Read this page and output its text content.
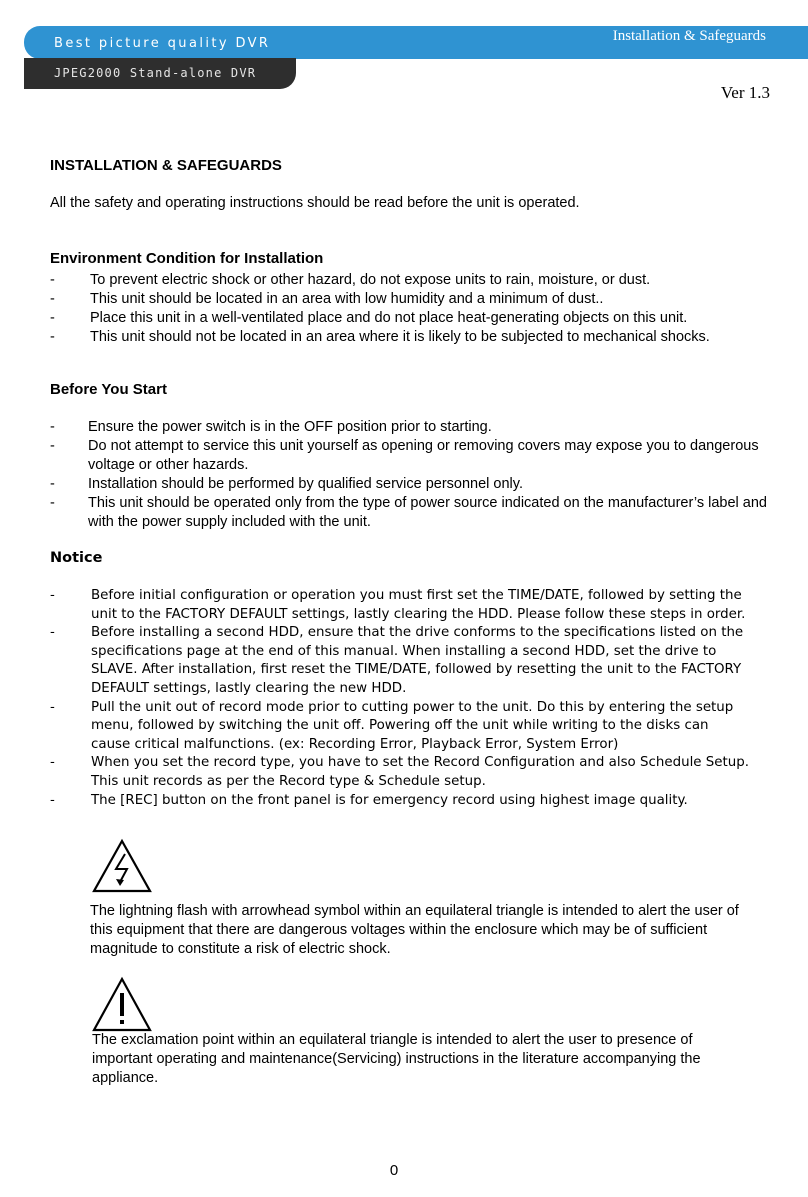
Best picture quality DVR
JPEG2000 Stand-alone DVR
Installation & Safeguards
Ver 1.3
INSTALLATION & SAFEGUARDS

All the safety and operating instructions should be read before the unit is operated.

Environment Condition for Installation
- To prevent electric shock or other hazard, do not expose units to rain, moisture, or dust.
- This unit should be located in an area with low humidity and a minimum of dust..
- Place this unit in a well-ventilated place and do not place heat-generating objects on this unit.
- This unit should not be located in an area where it is likely to be subjected to mechanical shocks.
Before You Start
- Ensure the power switch is in the OFF position prior to starting.
- Do not attempt to service this unit yourself as opening or removing covers may expose you to dangerous voltage or other hazards.
- Installation should be performed by qualified service personnel only.
- This unit should be operated only from the type of power source indicated on the manufacturer’s label and with the power supply included with the unit.
Notice
-	Before initial configuration or operation you must first set the TIME/DATE, followed by setting the unit to the FACTORY DEFAULT settings, lastly clearing the HDD. Please follow these steps in order.
-	Before installing a second HDD, ensure that the drive conforms to the specifications listed on the specifications page at the end of this manual. When installing a second HDD, set the drive to SLAVE. After installation, first reset the TIME/DATE, followed by resetting the unit to the FACTORY DEFAULT settings, lastly clearing the new HDD.
-	Pull the unit out of record mode prior to cutting power to the unit. Do this by entering the setup menu, followed by switching the unit off. Powering off the unit while writing to the disks can cause critical malfunctions. (ex: Recording Error, Playback Error, System Error)
-	When you set the record type, you have to set the Record Configuration and also Schedule Setup. This unit records as per the Record type & Schedule setup.
-	The [REC] button on the front panel is for emergency record using highest image quality.

The lightning flash with arrowhead symbol within an equilateral triangle is intended to alert the user of this equipment that there are dangerous voltages within the enclosure which may be of sufficient magnitude to constitute a risk of electric shock.

The exclamation point within an equilateral triangle is intended to alert the user to presence of important operating and maintenance(Servicing) instructions in the literature accompanying the appliance.

0
